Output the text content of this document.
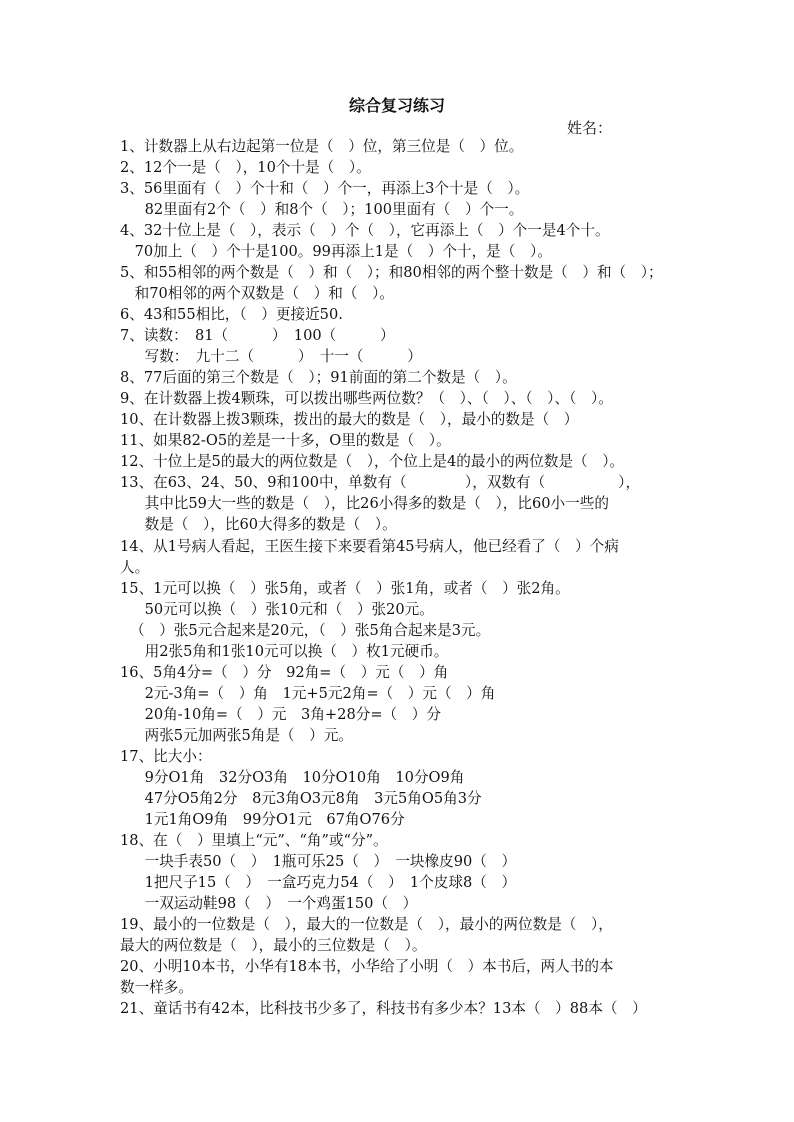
综合复习练习
姓名：
1、计数器上从右边起第一位是（　）位，第三位是（　）位。
2、12个一是（　），10个十是（　）。
3、56里面有（　）个十和（　）个一，再添上3个十是（　）。
　82里面有2个（　）和8个（　）；100里面有（　）个一。
4、32十位上是（　），表示（　）个（　），它再添上（　）个一是4个十。
　70加上（　）个十是100。99再添上1是（　）个十，是（　）。
5、和55相邻的两个数是（　）和（　）；和80相邻的两个整十数是（　）和（　）；
　和70相邻的两个双数是（　）和（　）。
6、43和55相比，（　）更接近50.
7、读数：　81（　　　）　100（　　　）
　写数：　九十二（　　　）　十一（　　　）
8、77后面的第三个数是（　）；91前面的第二个数是（　）。
9、在计数器上拨4颗珠，可以拨出哪些两位数？（　）、（　）、（　）、（　）。
10、在计数器上拨3颗珠，拨出的最大的数是（　），最小的数是（　）
11、如果82-O5的差是一十多，O里的数是（　）。
12、十位上是5的最大的两位数是（　），个位上是4的最小的两位数是（　）。
13、在63、24、50、9和100中，单数有（　　　　），双数有（　　　　　），
　其中比59大一些的数是（　），比26小得多的数是（　），比60小一些的
　数是（　），比60大得多的数是（　）。
14、从1号病人看起，王医生接下来要看第45号病人，他已经看了（　）个病
人。
15、1元可以换（　）张5角，或者（　）张1角，或者（　）张2角。
　50元可以换（　）张10元和（　）张20元。
（　）张5元合起来是20元，（　）张5角合起来是3元。
　用2张5角和1张10元可以换（　）枚1元硬币。
16、5角4分=（　）分　92角=（　）元（　）角
　2元-3角=（　）角　1元+5元2角=（　）元（　）角
　20角-10角=（　）元　3角+28分=（　）分
　两张5元加两张5角是（　）元。
17、比大小：
　9分O1角　32分O3角　10分O10角　10分O9角
　47分O5角2分　8元3角O3元8角　3元5角O5角3分
　1元1角O9角　99分O1元　67角O76分
18、在（　）里填上“元”、“角”或“分”。
　一块手表50（　）　1瓶可乐25（　）　一块橡皮90（　）
　1把尺子15（　）　一盒巧克力54（　）　1个皮球8（　）
　一双运动鞋98（　）　一个鸡蛋150（　）
19、最小的一位数是（　），最大的一位数是（　），最小的两位数是（　），
最大的两位数是（　），最小的三位数是（　）。
20、小明10本书，小华有18本书，小华给了小明（　）本书后，两人书的本
数一样多。
21、童话书有42本，比科技书少多了，科技书有多少本？13本（　）88本（　）
